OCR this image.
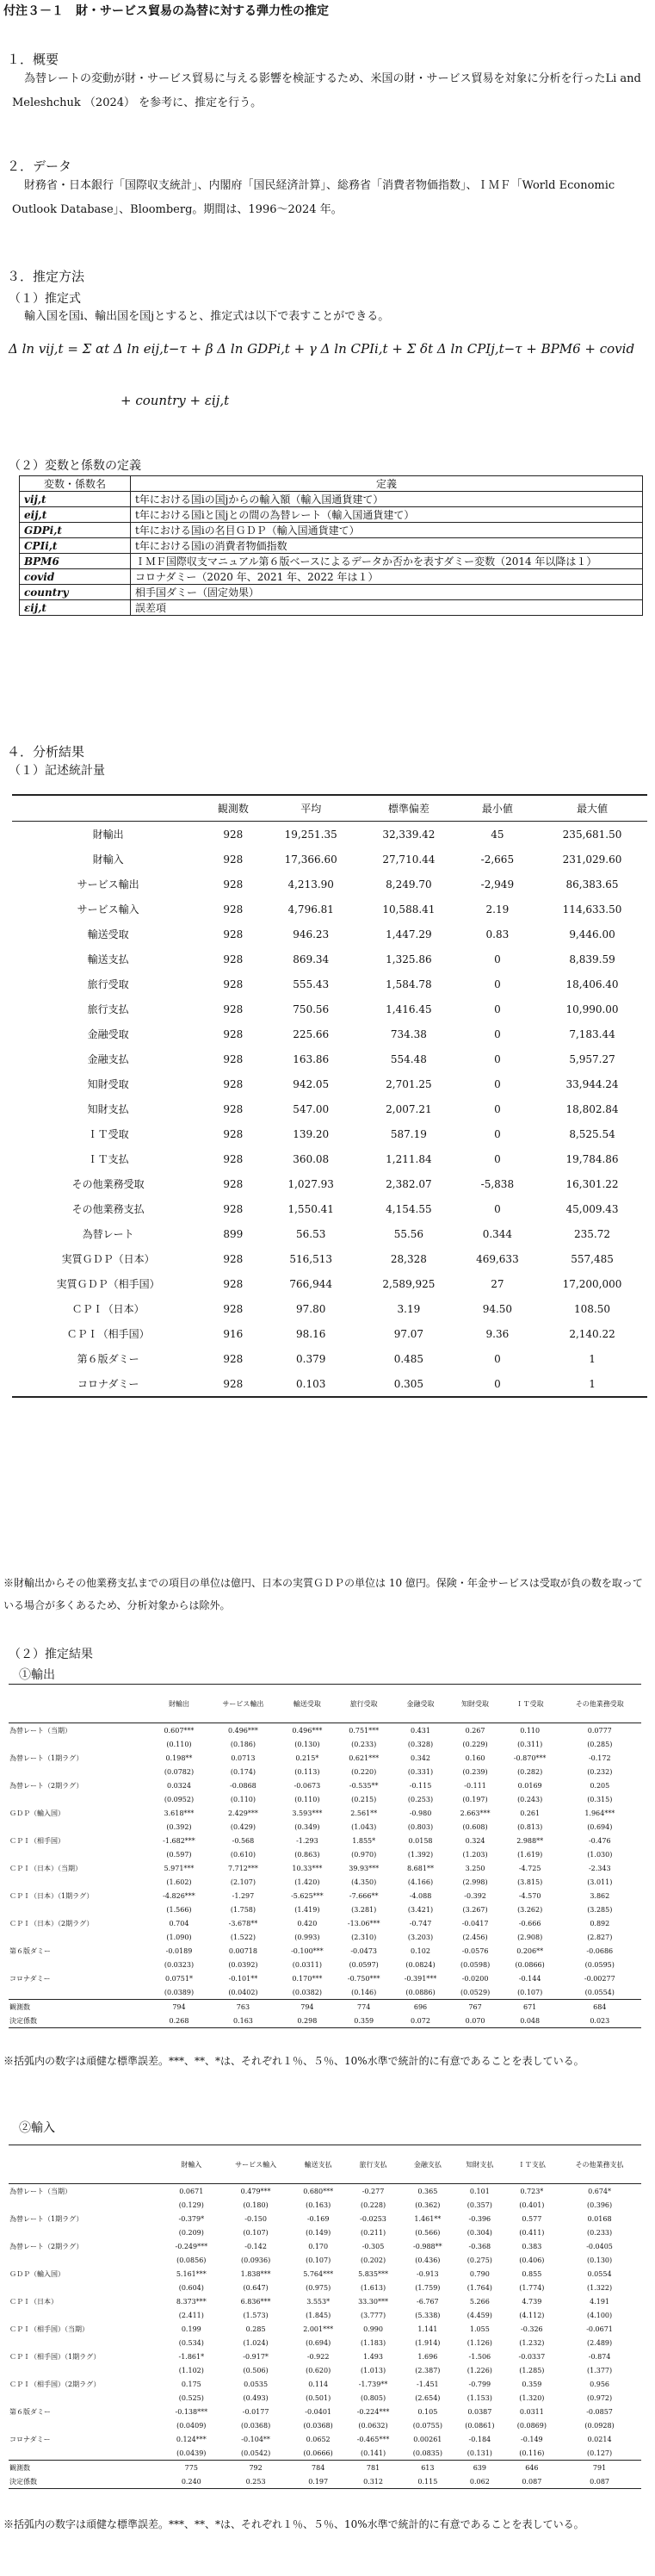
付注３－１　財・サービス貿易の為替に対する弾力性の推定
１．概要
為替レートの変動が財・サービス貿易に与える影響を検証するため、米国の財・サービス貿易を対象に分析を行ったLi and Meleshchuk （2024） を参考に、推定を行う。
２．データ
財務省・日本銀行「国際収支統計」、内閣府「国民経済計算」、総務省「消費者物価指数」、ＩＭＦ「World Economic Outlook Database」、Bloomberg。期間は、1996～2024 年。
３．推定方法
（１）推定式
輸入国を国i、輸出国を国jとすると、推定式は以下で表すことができる。
Δ ln vij,t = Σ αt Δ ln eij,t−τ + β Δ ln GDPi,t + γ Δ ln CPIi,t + Σ δt Δ ln CPIj,t−τ + BPM6 + covid
+ country + εij,t
（２）変数と係数の定義
変数・係数名	定義
vij,t	t年における国iの国jからの輸入額（輸入国通貨建て）
eij,t	t年における国iと国jとの間の為替レート（輸入国通貨建て）
GDPi,t	t年における国iの名目ＧＤＰ（輸入国通貨建て）
CPIi,t	t年における国iの消費者物価指数
BPM6	ＩＭＦ国際収支マニュアル第６版ベースによるデータか否かを表すダミー変数（2014 年以降は１）
covid	コロナダミー（2020 年、2021 年、2022 年は１）
country	相手国ダミー（固定効果）
εij,t	誤差項
４．分析結果
（１）記述統計量
	観測数	平均	標準偏差	最小値	最大値
財輸出	928	19,251.35	32,339.42	45	235,681.50
財輸入	928	17,366.60	27,710.44	-2,665	231,029.60
サービス輸出	928	4,213.90	8,249.70	-2,949	86,383.65
サービス輸入	928	4,796.81	10,588.41	2.19	114,633.50
輸送受取	928	946.23	1,447.29	0.83	9,446.00
輸送支払	928	869.34	1,325.86	0	8,839.59
旅行受取	928	555.43	1,584.78	0	18,406.40
旅行支払	928	750.56	1,416.45	0	10,990.00
金融受取	928	225.66	734.38	0	7,183.44
金融支払	928	163.86	554.48	0	5,957.27
知財受取	928	942.05	2,701.25	0	33,944.24
知財支払	928	547.00	2,007.21	0	18,802.84
ＩＴ受取	928	139.20	587.19	0	8,525.54
ＩＴ支払	928	360.08	1,211.84	0	19,784.86
その他業務受取	928	1,027.93	2,382.07	-5,838	16,301.22
その他業務支払	928	1,550.41	4,154.55	0	45,009.43
為替レート	899	56.53	55.56	0.344	235.72
実質ＧＤＰ（日本）	928	516,513	28,328	469,633	557,485
実質ＧＤＰ（相手国）	928	766,944	2,589,925	27	17,200,000
ＣＰＩ（日本）	928	97.80	3.19	94.50	108.50
ＣＰＩ（相手国）	916	98.16	97.07	9.36	2,140.22
第６版ダミー	928	0.379	0.485	0	1
コロナダミー	928	0.103	0.305	0	1
※財輸出からその他業務支払までの項目の単位は億円、日本の実質ＧＤＰの単位は 10 億円。保険・年金サービスは受取が負の数を取っている場合が多くあるため、分析対象からは除外。
（２）推定結果
①輸出
	財輸出	サービス輸出	輸送受取	旅行受取	金融受取	知財受取	ＩＴ受取	その他業務受取
為替レート（当期）	0.607***	0.496***	0.496***	0.751***	0.431	0.267	0.110	0.0777
	(0.110)	(0.186)	(0.130)	(0.233)	(0.328)	(0.229)	(0.311)	(0.285)
為替レート（1期ラグ）	0.198**	0.0713	0.215*	0.621***	0.342	0.160	-0.870***	-0.172
	(0.0782)	(0.174)	(0.113)	(0.220)	(0.331)	(0.239)	(0.282)	(0.232)
為替レート（2期ラグ）	0.0324	-0.0868	-0.0673	-0.535**	-0.115	-0.111	0.0169	0.205
	(0.0952)	(0.110)	(0.110)	(0.215)	(0.253)	(0.197)	(0.243)	(0.315)
ＧＤＰ（輸入国）	3.618***	2.429***	3.593***	2.561**	-0.980	2.663***	0.261	1.964***
	(0.392)	(0.429)	(0.349)	(1.043)	(0.803)	(0.608)	(0.813)	(0.694)
ＣＰＩ（相手国）	-1.682***	-0.568	-1.293	1.855*	0.0158	0.324	2.988**	-0.476
	(0.597)	(0.610)	(0.863)	(0.970)	(1.392)	(1.203)	(1.619)	(1.030)
ＣＰＩ（日本）（当期）	5.971***	7.712***	10.33***	39.93***	8.681**	3.250	-4.725	-2.343
	(1.602)	(2.107)	(1.420)	(4.350)	(4.166)	(2.998)	(3.815)	(3.011)
ＣＰＩ（日本）（1期ラグ）	-4.826***	-1.297	-5.625***	-7.666**	-4.088	-0.392	-4.570	3.862
	(1.566)	(1.758)	(1.419)	(3.281)	(3.421)	(3.267)	(3.262)	(3.285)
ＣＰＩ（日本）（2期ラグ）	0.704	-3.678**	0.420	-13.06***	-0.747	-0.0417	-0.666	0.892
	(1.090)	(1.522)	(0.993)	(2.310)	(3.203)	(2.456)	(2.908)	(2.827)
第６版ダミー	-0.0189	0.00718	-0.100***	-0.0473	0.102	-0.0576	0.206**	-0.0686
	(0.0323)	(0.0392)	(0.0311)	(0.0597)	(0.0824)	(0.0598)	(0.0866)	(0.0595)
コロナダミー	0.0751*	-0.101**	0.170***	-0.750***	-0.391***	-0.0200	-0.144	-0.00277
	(0.0389)	(0.0402)	(0.0382)	(0.146)	(0.0886)	(0.0529)	(0.107)	(0.0554)
観測数	794	763	794	774	696	767	671	684
決定係数	0.268	0.163	0.298	0.359	0.072	0.070	0.048	0.023
※括弧内の数字は頑健な標準誤差。***、**、*は、それぞれ１％、５％、10%水準で統計的に有意であることを表している。
②輸入
	財輸入	サービス輸入	輸送支払	旅行支払	金融支払	知財支払	ＩＴ支払	その他業務支払
為替レート（当期）	0.0671	0.479***	0.680***	-0.277	0.365	0.101	0.723*	0.674*
	(0.129)	(0.180)	(0.163)	(0.228)	(0.362)	(0.357)	(0.401)	(0.396)
為替レート（1期ラグ）	-0.379*	-0.150	-0.169	-0.0253	1.461**	-0.396	0.577	0.0168
	(0.209)	(0.107)	(0.149)	(0.211)	(0.566)	(0.304)	(0.411)	(0.233)
為替レート（2期ラグ）	-0.249***	-0.142	0.170	-0.305	-0.988**	-0.368	0.383	-0.0405
	(0.0856)	(0.0936)	(0.107)	(0.202)	(0.436)	(0.275)	(0.406)	(0.130)
ＧＤＰ（輸入国）	5.161***	1.838***	5.764***	5.835***	-0.913	0.790	0.855	0.0554
	(0.604)	(0.647)	(0.975)	(1.613)	(1.759)	(1.764)	(1.774)	(1.322)
ＣＰＩ（日本）	8.373***	6.836***	3.553*	33.30***	-6.767	5.266	4.739	4.191
	(2.411)	(1.573)	(1.845)	(3.777)	(5.338)	(4.459)	(4.112)	(4.100)
ＣＰＩ（相手国）（当期）	0.199	0.285	2.001***	0.990	1.141	1.055	-0.326	-0.0671
	(0.534)	(1.024)	(0.694)	(1.183)	(1.914)	(1.126)	(1.232)	(2.489)
ＣＰＩ（相手国）（1期ラグ）	-1.861*	-0.917*	-0.922	1.493	1.696	-1.506	-0.0337	-0.874
	(1.102)	(0.506)	(0.620)	(1.013)	(2.387)	(1.226)	(1.285)	(1.377)
ＣＰＩ（相手国）（2期ラグ）	0.175	0.0535	0.114	-1.739**	-1.451	-0.799	0.359	0.956
	(0.525)	(0.493)	(0.501)	(0.805)	(2.654)	(1.153)	(1.320)	(0.972)
第６版ダミー	-0.138***	-0.0177	-0.0401	-0.224***	0.105	0.0387	0.0311	-0.0857
	(0.0409)	(0.0368)	(0.0368)	(0.0632)	(0.0755)	(0.0861)	(0.0869)	(0.0928)
コロナダミー	0.124***	-0.104**	0.0652	-0.465***	0.00261	-0.184	-0.149	0.0214
	(0.0439)	(0.0542)	(0.0666)	(0.141)	(0.0835)	(0.131)	(0.116)	(0.127)
観測数	775	792	784	781	613	639	646	791
決定係数	0.240	0.253	0.197	0.312	0.115	0.062	0.087	0.087
※括弧内の数字は頑健な標準誤差。***、**、*は、それぞれ１％、５％、10%水準で統計的に有意であることを表している。
